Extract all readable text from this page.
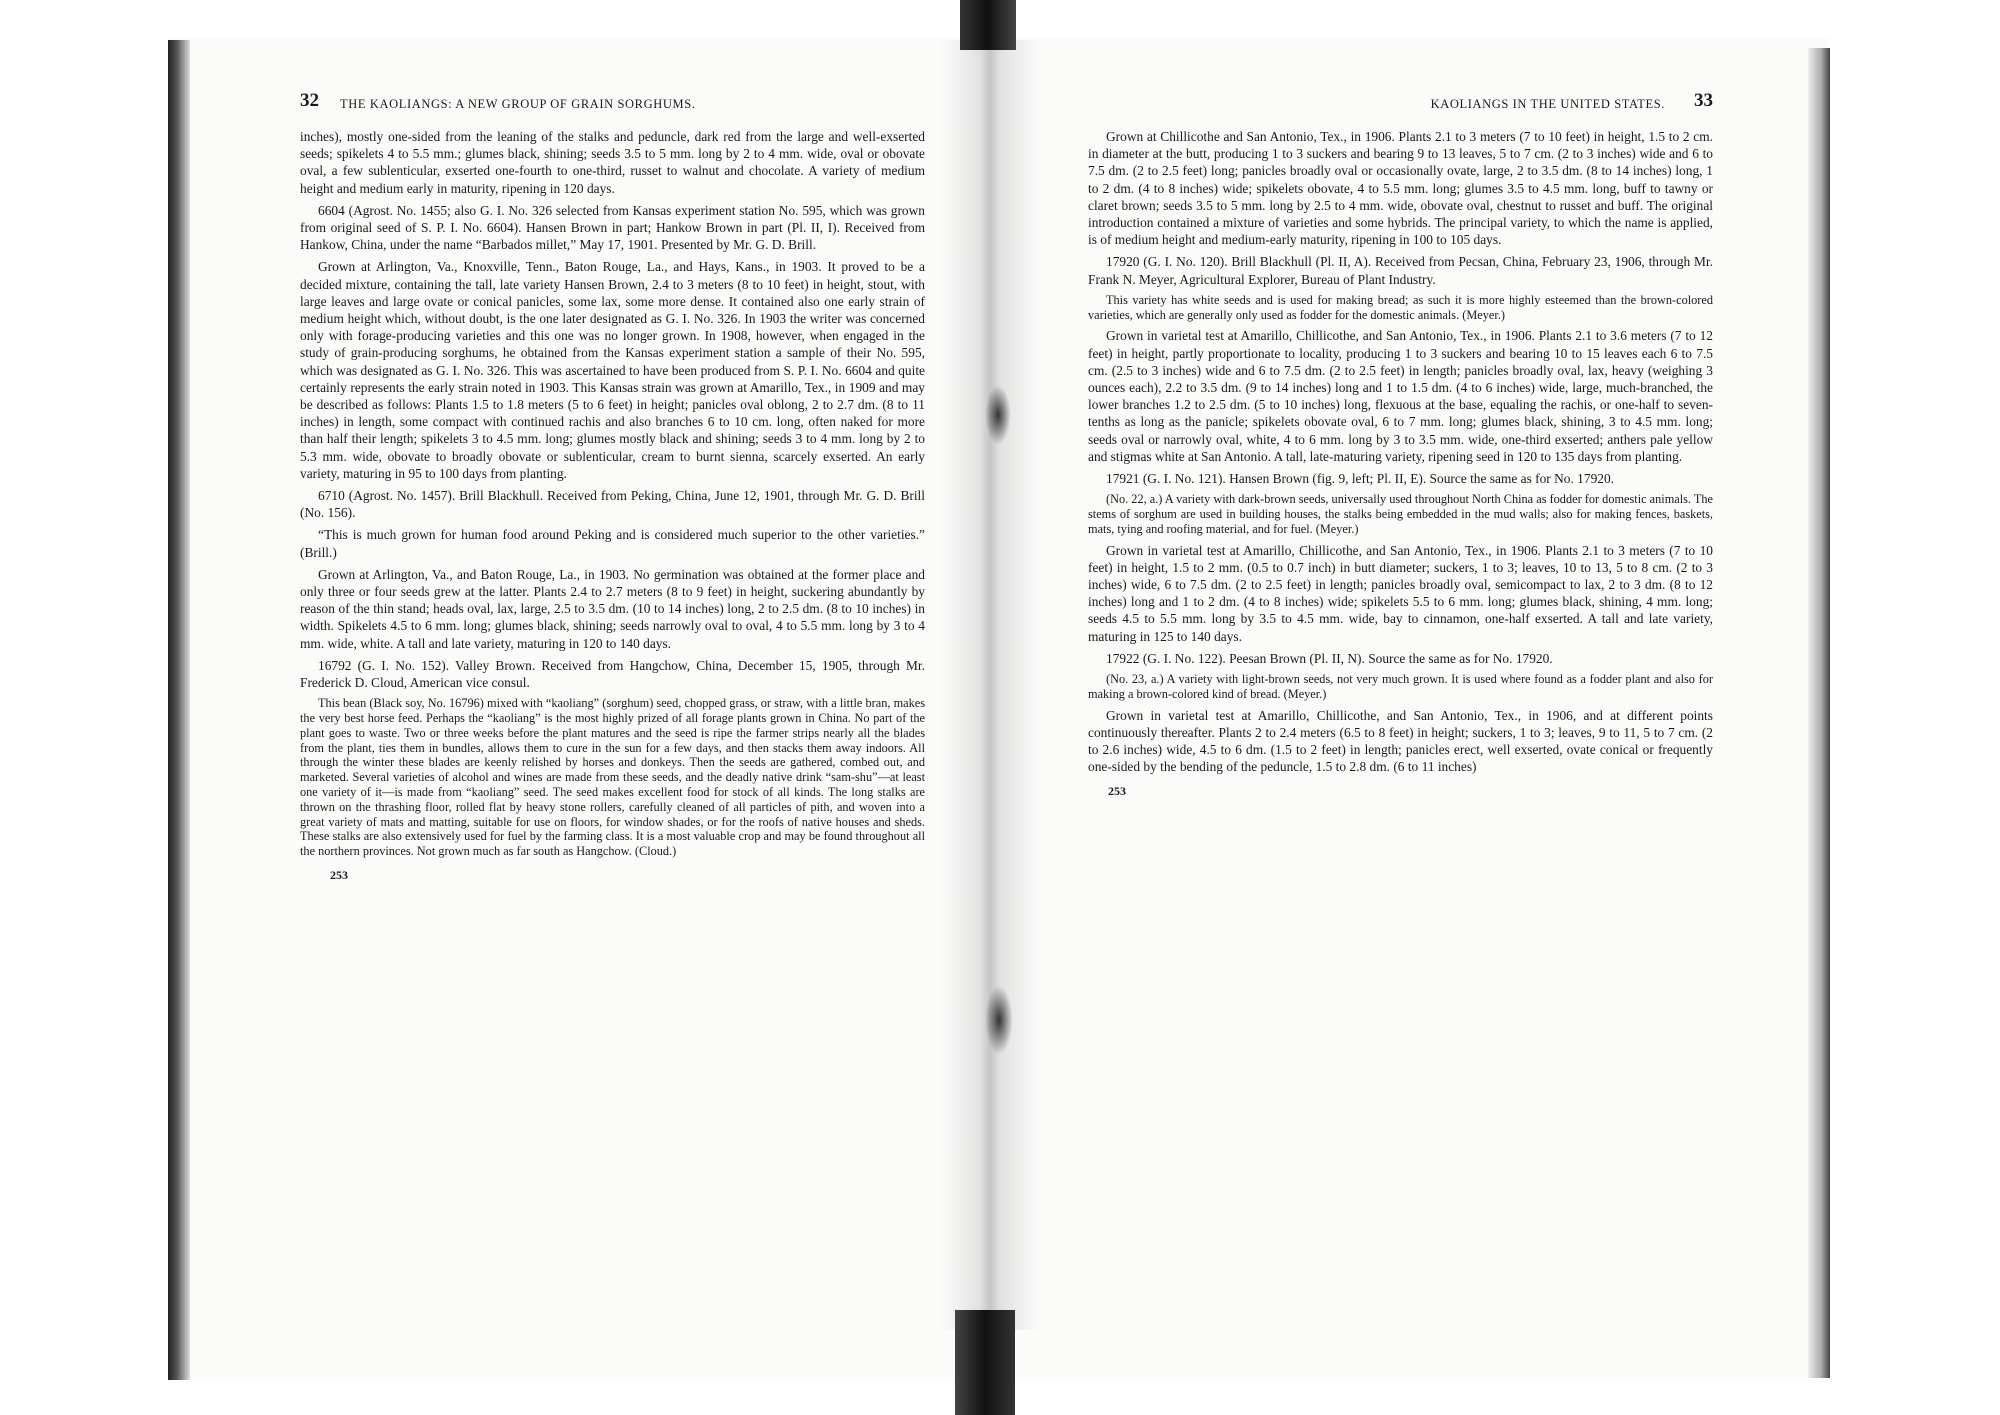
32 THE KAOLIANGS: A NEW GROUP OF GRAIN SORGHUMS.

inches), mostly one-sided from the leaning of the stalks and peduncle, dark red from the large and well-exserted seeds; spikelets 4 to 5.5 mm.; glumes black, shining; seeds 3.5 to 5 mm. long by 2 to 4 mm. wide, oval or obovate oval, a few sublenticular, exserted one-fourth to one-third, russet to walnut and chocolate. A variety of medium height and medium early in maturity, ripening in 120 days.

6604 (Agrost. No. 1455; also G. I. No. 326 selected from Kansas experiment station No. 595, which was grown from original seed of S. P. I. No. 6604). Hansen Brown in part; Hankow Brown in part (Pl. II, I). Received from Hankow, China, under the name “Barbados millet,” May 17, 1901. Presented by Mr. G. D. Brill.

Grown at Arlington, Va., Knoxville, Tenn., Baton Rouge, La., and Hays, Kans., in 1903. It proved to be a decided mixture, containing the tall, late variety Hansen Brown, 2.4 to 3 meters (8 to 10 feet) in height, stout, with large leaves and large ovate or conical panicles, some lax, some more dense. It contained also one early strain of medium height which, without doubt, is the one later designated as G. I. No. 326. In 1903 the writer was concerned only with forage-producing varieties and this one was no longer grown. In 1908, however, when engaged in the study of grain-producing sorghums, he obtained from the Kansas experiment station a sample of their No. 595, which was designated as G. I. No. 326. This was ascertained to have been produced from S. P. I. No. 6604 and quite certainly represents the early strain noted in 1903. This Kansas strain was grown at Amarillo, Tex., in 1909 and may be described as follows: Plants 1.5 to 1.8 meters (5 to 6 feet) in height; panicles oval oblong, 2 to 2.7 dm. (8 to 11 inches) in length, some compact with continued rachis and also branches 6 to 10 cm. long, often naked for more than half their length; spikelets 3 to 4.5 mm. long; glumes mostly black and shining; seeds 3 to 4 mm. long by 2 to 5.3 mm. wide, obovate to broadly obovate or sublenticular, cream to burnt sienna, scarcely exserted. An early variety, maturing in 95 to 100 days from planting.

6710 (Agrost. No. 1457). Brill Blackhull. Received from Peking, China, June 12, 1901, through Mr. G. D. Brill (No. 156).

“This is much grown for human food around Peking and is considered much superior to the other varieties.” (Brill.)

Grown at Arlington, Va., and Baton Rouge, La., in 1903. No germination was obtained at the former place and only three or four seeds grew at the latter. Plants 2.4 to 2.7 meters (8 to 9 feet) in height, suckering abundantly by reason of the thin stand; heads oval, lax, large, 2.5 to 3.5 dm. (10 to 14 inches) long, 2 to 2.5 dm. (8 to 10 inches) in width. Spikelets 4.5 to 6 mm. long; glumes black, shining; seeds narrowly oval to oval, 4 to 5.5 mm. long by 3 to 4 mm. wide, white. A tall and late variety, maturing in 120 to 140 days.

16792 (G. I. No. 152). Valley Brown. Received from Hangchow, China, December 15, 1905, through Mr. Frederick D. Cloud, American vice consul.

This bean (Black soy, No. 16796) mixed with “kaoliang” (sorghum) seed, chopped grass, or straw, with a little bran, makes the very best horse feed. Perhaps the “kaoliang” is the most highly prized of all forage plants grown in China. No part of the plant goes to waste. Two or three weeks before the plant matures and the seed is ripe the farmer strips nearly all the blades from the plant, ties them in bundles, allows them to cure in the sun for a few days, and then stacks them away indoors. All through the winter these blades are keenly relished by horses and donkeys. Then the seeds are gathered, combed out, and marketed. Several varieties of alcohol and wines are made from these seeds, and the deadly native drink “sam-shu”—at least one variety of it—is made from “kaoliang” seed. The seed makes excellent food for stock of all kinds. The long stalks are thrown on the thrashing floor, rolled flat by heavy stone rollers, carefully cleaned of all particles of pith, and woven into a great variety of mats and matting, suitable for use on floors, for window shades, or for the roofs of native houses and sheds. These stalks are also extensively used for fuel by the farming class. It is a most valuable crop and may be found throughout all the northern provinces. Not grown much as far south as Hangchow. (Cloud.)

253
KAOLIANGS IN THE UNITED STATES. 33

Grown at Chillicothe and San Antonio, Tex., in 1906. Plants 2.1 to 3 meters (7 to 10 feet) in height, 1.5 to 2 cm. in diameter at the butt, producing 1 to 3 suckers and bearing 9 to 13 leaves, 5 to 7 cm. (2 to 3 inches) wide and 6 to 7.5 dm. (2 to 2.5 feet) long; panicles broadly oval or occasionally ovate, large, 2 to 3.5 dm. (8 to 14 inches) long, 1 to 2 dm. (4 to 8 inches) wide; spikelets obovate, 4 to 5.5 mm. long; glumes 3.5 to 4.5 mm. long, buff to tawny or claret brown; seeds 3.5 to 5 mm. long by 2.5 to 4 mm. wide, obovate oval, chestnut to russet and buff. The original introduction contained a mixture of varieties and some hybrids. The principal variety, to which the name is applied, is of medium height and medium-early maturity, ripening in 100 to 105 days.

17920 (G. I. No. 120). Brill Blackhull (Pl. II, A). Received from Pecsan, China, February 23, 1906, through Mr. Frank N. Meyer, Agricultural Explorer, Bureau of Plant Industry.

This variety has white seeds and is used for making bread; as such it is more highly esteemed than the brown-colored varieties, which are generally only used as fodder for the domestic animals. (Meyer.)

Grown in varietal test at Amarillo, Chillicothe, and San Antonio, Tex., in 1906. Plants 2.1 to 3.6 meters (7 to 12 feet) in height, partly proportionate to locality, producing 1 to 3 suckers and bearing 10 to 15 leaves each 6 to 7.5 cm. (2.5 to 3 inches) wide and 6 to 7.5 dm. (2 to 2.5 feet) in length; panicles broadly oval, lax, heavy (weighing 3 ounces each), 2.2 to 3.5 dm. (9 to 14 inches) long and 1 to 1.5 dm. (4 to 6 inches) wide, large, much-branched, the lower branches 1.2 to 2.5 dm. (5 to 10 inches) long, flexuous at the base, equaling the rachis, or one-half to seven-tenths as long as the panicle; spikelets obovate oval, 6 to 7 mm. long; glumes black, shining, 3 to 4.5 mm. long; seeds oval or narrowly oval, white, 4 to 6 mm. long by 3 to 3.5 mm. wide, one-third exserted; anthers pale yellow and stigmas white at San Antonio. A tall, late-maturing variety, ripening seed in 120 to 135 days from planting.

17921 (G. I. No. 121). Hansen Brown (fig. 9, left; Pl. II, E). Source the same as for No. 17920.

(No. 22, a.) A variety with dark-brown seeds, universally used throughout North China as fodder for domestic animals. The stems of sorghum are used in building houses, the stalks being embedded in the mud walls; also for making fences, baskets, mats, tying and roofing material, and for fuel. (Meyer.)

Grown in varietal test at Amarillo, Chillicothe, and San Antonio, Tex., in 1906. Plants 2.1 to 3 meters (7 to 10 feet) in height, 1.5 to 2 mm. (0.5 to 0.7 inch) in butt diameter; suckers, 1 to 3; leaves, 10 to 13, 5 to 8 cm. (2 to 3 inches) wide, 6 to 7.5 dm. (2 to 2.5 feet) in length; panicles broadly oval, semicompact to lax, 2 to 3 dm. (8 to 12 inches) long and 1 to 2 dm. (4 to 8 inches) wide; spikelets 5.5 to 6 mm. long; glumes black, shining, 4 mm. long; seeds 4.5 to 5.5 mm. long by 3.5 to 4.5 mm. wide, bay to cinnamon, one-half exserted. A tall and late variety, maturing in 125 to 140 days.

17922 (G. I. No. 122). Peesan Brown (Pl. II, N). Source the same as for No. 17920.

(No. 23, a.) A variety with light-brown seeds, not very much grown. It is used where found as a fodder plant and also for making a brown-colored kind of bread. (Meyer.)

Grown in varietal test at Amarillo, Chillicothe, and San Antonio, Tex., in 1906, and at different points continuously thereafter. Plants 2 to 2.4 meters (6.5 to 8 feet) in height; suckers, 1 to 3; leaves, 9 to 11, 5 to 7 cm. (2 to 2.6 inches) wide, 4.5 to 6 dm. (1.5 to 2 feet) in length; panicles erect, well exserted, ovate conical or frequently one-sided by the bending of the peduncle, 1.5 to 2.8 dm. (6 to 11 inches)

253
